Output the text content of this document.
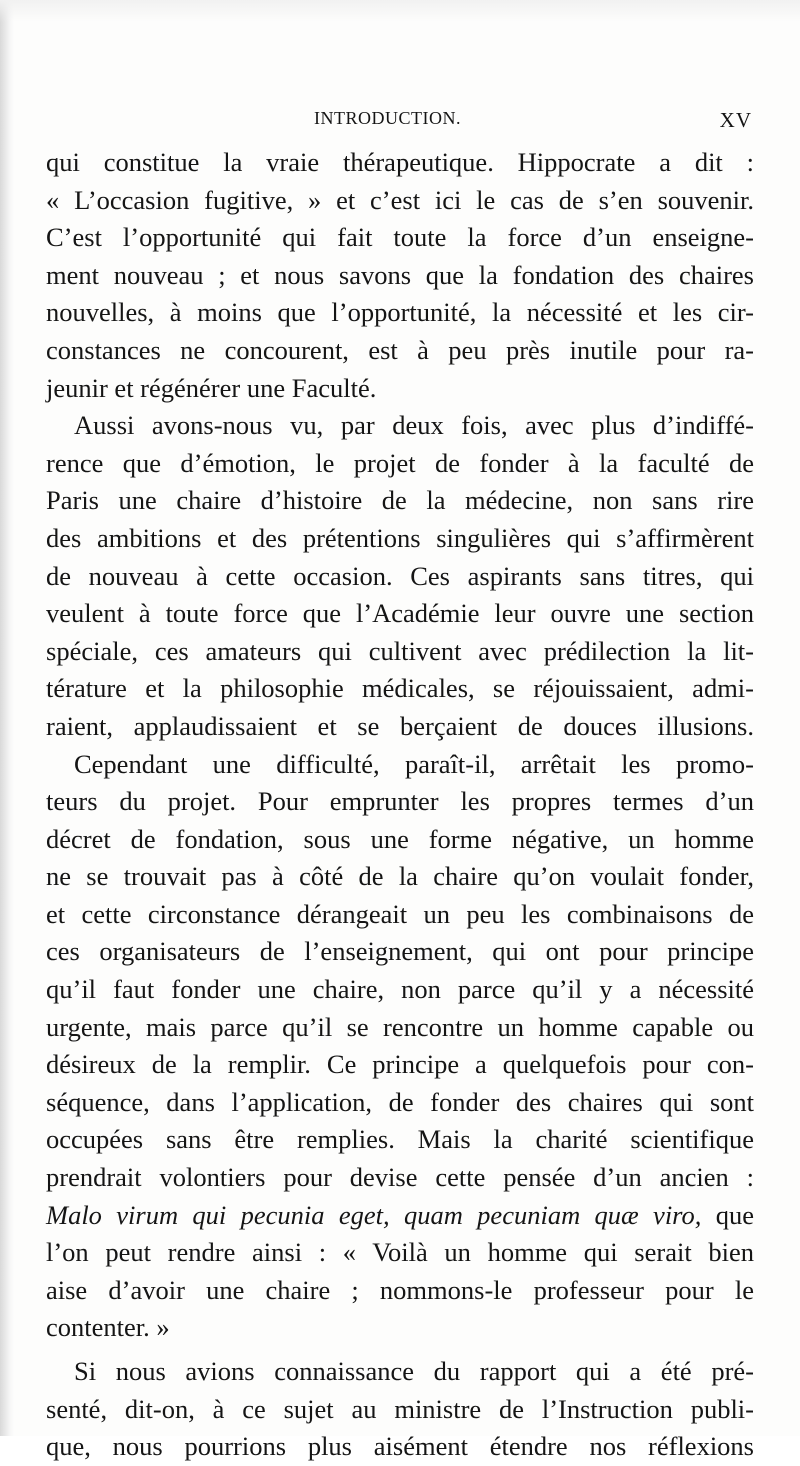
INTRODUCTION.	XV
qui constitue la vraie thérapeutique. Hippocrate a dit :
« L’occasion fugitive, » et c’est ici le cas de s’en souvenir.
C’est l’opportunité qui fait toute la force d’un enseigne-
ment nouveau ; et nous savons que la fondation des chaires
nouvelles, à moins que l’opportunité, la nécessité et les cir-
constances ne concourent, est à peu près inutile pour ra-
jeunir et régénérer une Faculté.
Aussi avons-nous vu, par deux fois, avec plus d’indiffé-
rence que d’émotion, le projet de fonder à la faculté de
Paris une chaire d’histoire de la médecine, non sans rire
des ambitions et des prétentions singulières qui s’affirmèrent
de nouveau à cette occasion. Ces aspirants sans titres, qui
veulent à toute force que l’Académie leur ouvre une section
spéciale, ces amateurs qui cultivent avec prédilection la lit-
térature et la philosophie médicales, se réjouissaient, admi-
raient, applaudissaient et se berçaient de douces illusions.
Cependant une difficulté, paraît-il, arrêtait les promo-
teurs du projet. Pour emprunter les propres termes d’un
décret de fondation, sous une forme négative, un homme
ne se trouvait pas à côté de la chaire qu’on voulait fonder,
et cette circonstance dérangeait un peu les combinaisons de
ces organisateurs de l’enseignement, qui ont pour principe
qu’il faut fonder une chaire, non parce qu’il y a nécessité
urgente, mais parce qu’il se rencontre un homme capable ou
désireux de la remplir. Ce principe a quelquefois pour con-
séquence, dans l’application, de fonder des chaires qui sont
occupées sans être remplies. Mais la charité scientifique
prendrait volontiers pour devise cette pensée d’un ancien :
Malo virum qui pecunia eget, quam pecuniam quæ viro, que
l’on peut rendre ainsi : « Voilà un homme qui serait bien
aise d’avoir une chaire ; nommons-le professeur pour le
contenter. »
Si nous avions connaissance du rapport qui a été pré-
senté, dit-on, à ce sujet au ministre de l’Instruction publi-
que, nous pourrions plus aisément étendre nos réflexions
